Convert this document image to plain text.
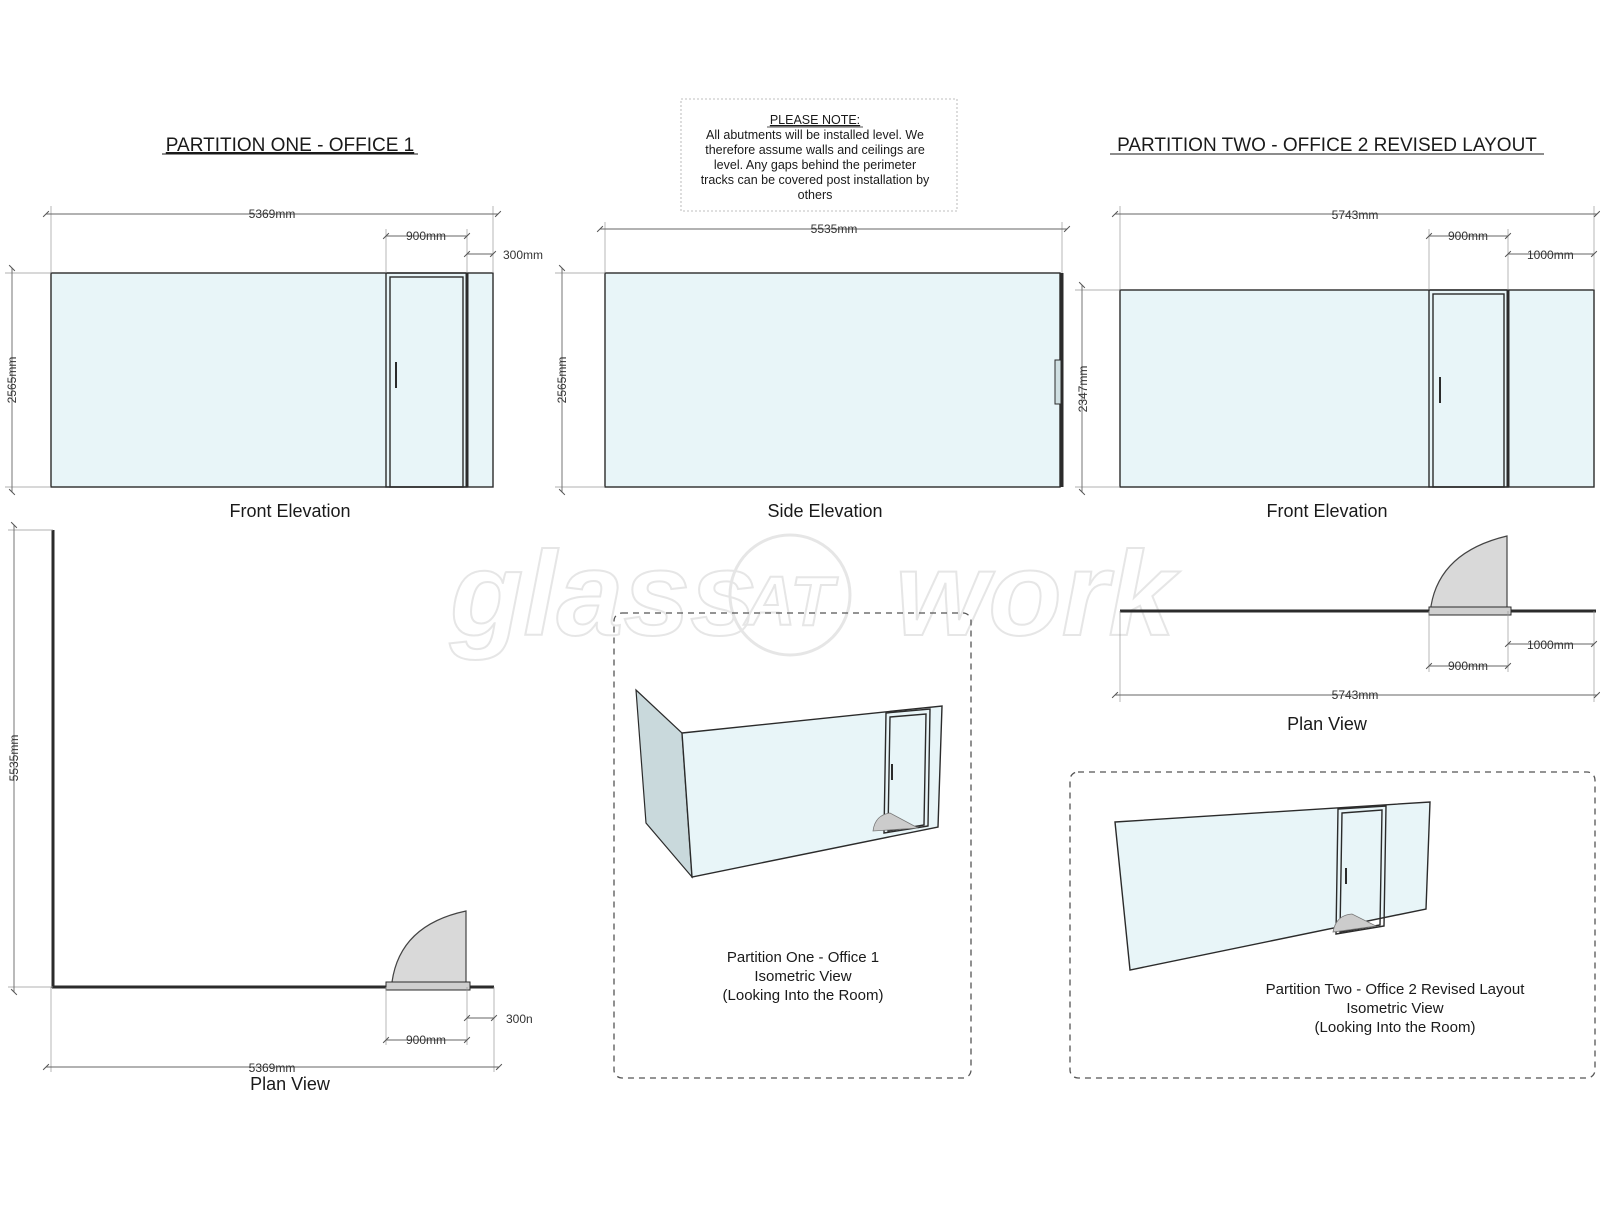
glass
AT work
PARTITION ONE - OFFICE 1	PARTITION TWO - OFFICE 2 REVISED LAYOUT
PLEASE NOTE:
All abutments will be installed level. We
therefore assume walls and ceilings are
level. Any gaps behind the perimeter
tracks can be covered post installation by
others
5369mm
900mm
300mm
2565mm
Front Elevation
5535mm
2565mm
Side Elevation
5743mm
900mm
1000mm
2347mm
Front Elevation
5535mm
300n
900mm
5369mm
Plan View
1000mm
900mm
5743mm
Plan View
Partition One - Office 1
Isometric View
(Looking Into the Room)	Partition Two - Office 2 Revised Layout
Isometric View
(Looking Into the Room)
